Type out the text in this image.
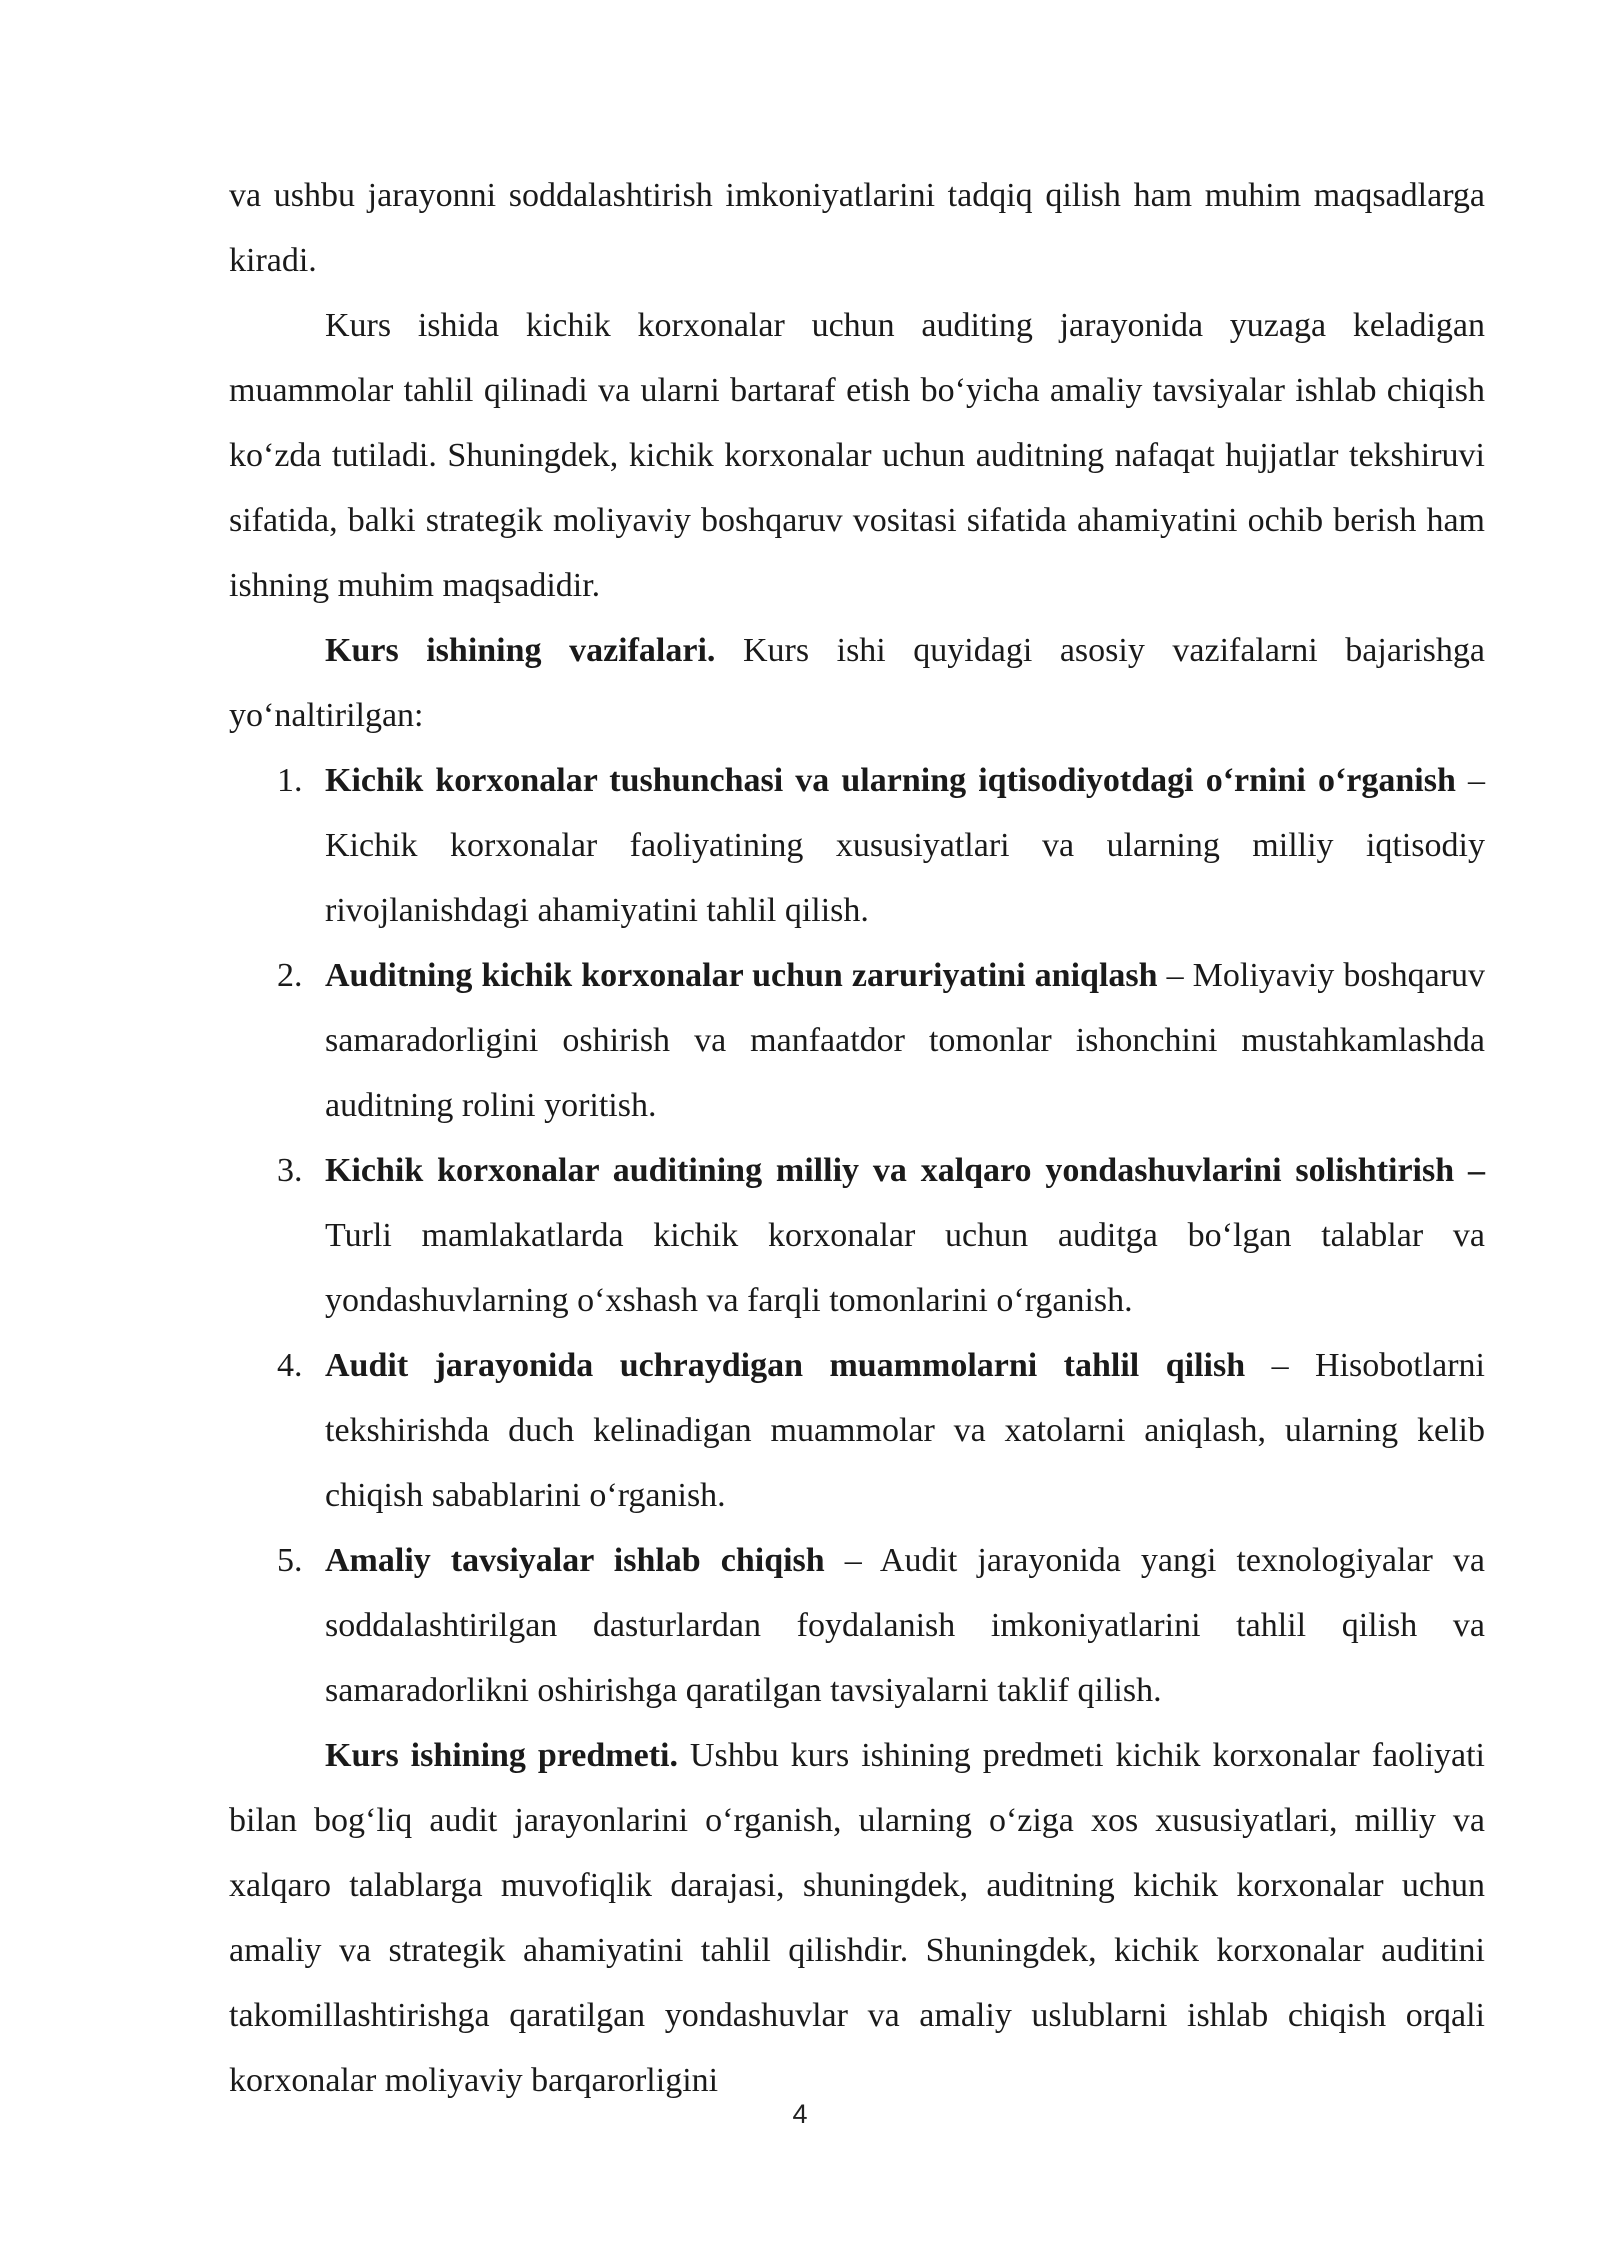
va ushbu jarayonni soddalashtirish imkoniyatlarini tadqiq qilish ham muhim maqsadlarga kiradi.

Kurs ishida kichik korxonalar uchun auditing jarayonida yuzaga keladigan muammolar tahlil qilinadi va ularni bartaraf etish bo‘yicha amaliy tavsiyalar ishlab chiqish ko‘zda tutiladi. Shuningdek, kichik korxonalar uchun auditning nafaqat hujjatlar tekshiruvi sifatida, balki strategik moliyaviy boshqaruv vositasi sifatida ahamiyatini ochib berish ham ishning muhim maqsadidir.

Kurs ishining vazifalari. Kurs ishi quyidagi asosiy vazifalarni bajarishga yo‘naltirilgan:

1. Kichik korxonalar tushunchasi va ularning iqtisodiyotdagi o‘rnini o‘rganish – Kichik korxonalar faoliyatining xususiyatlari va ularning milliy iqtisodiy rivojlanishdagi ahamiyatini tahlil qilish.
2. Auditning kichik korxonalar uchun zaruriyatini aniqlash – Moliyaviy boshqaruv samaradorligini oshirish va manfaatdor tomonlar ishonchini mustahkamlashda auditning rolini yoritish.
3. Kichik korxonalar auditining milliy va xalqaro yondashuvlarini solishtirish – Turli mamlakatlarda kichik korxonalar uchun auditga bo‘lgan talablar va yondashuvlarning o‘xshash va farqli tomonlarini o‘rganish.
4. Audit jarayonida uchraydigan muammolarni tahlil qilish – Hisobotlarni tekshirishda duch kelinadigan muammolar va xatolarni aniqlash, ularning kelib chiqish sabablarini o‘rganish.
5. Amaliy tavsiyalar ishlab chiqish – Audit jarayonida yangi texnologiyalar va soddalashtirilgan dasturlardan foydalanish imkoniyatlarini tahlil qilish va samaradorlikni oshirishga qaratilgan tavsiyalarni taklif qilish.

Kurs ishining predmeti. Ushbu kurs ishining predmeti kichik korxonalar faoliyati bilan bog‘liq audit jarayonlarini o‘rganish, ularning o‘ziga xos xususiyatlari, milliy va xalqaro talablarga muvofiqlik darajasi, shuningdek, auditning kichik korxonalar uchun amaliy va strategik ahamiyatini tahlil qilishdir. Shuningdek, kichik korxonalar auditini takomillashtirishga qaratilgan yondashuvlar va amaliy uslublarni ishlab chiqish orqali korxonalar moliyaviy barqarorligini

4
